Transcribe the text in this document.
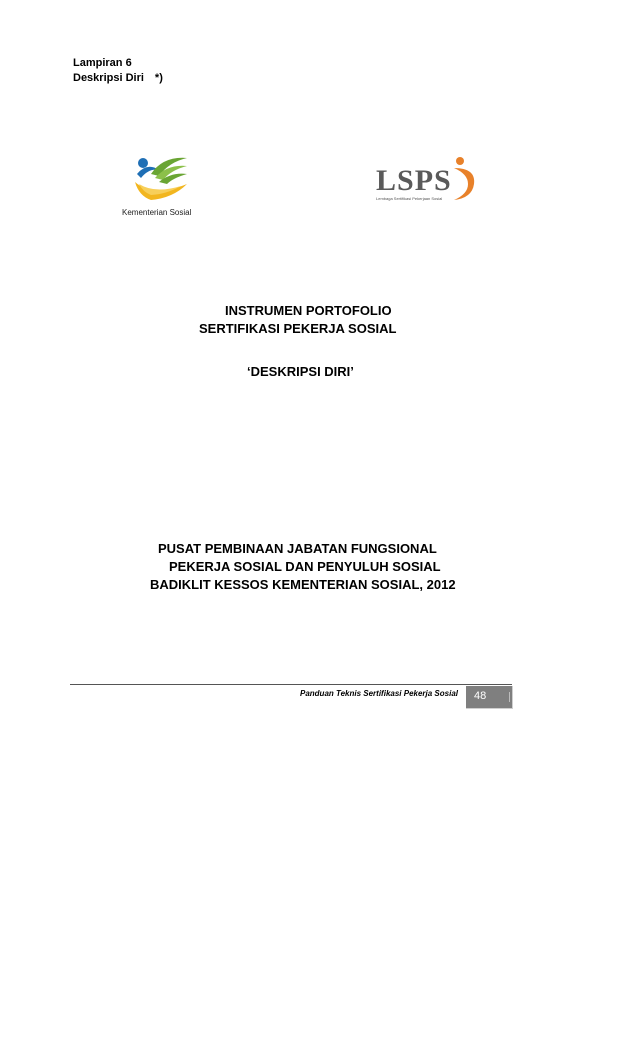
Lampiran 6
Deskripsi Diri *)
Kementerian Sosial
LSPS
Lembaga Sertifikasi Pekerjaan Sosial
INSTRUMEN PORTOFOLIO
SERTIFIKASI PEKERJA SOSIAL
‘DESKRIPSI DIRI’
PUSAT PEMBINAAN JABATAN FUNGSIONAL
PEKERJA SOSIAL DAN PENYULUH SOSIAL
BADIKLIT KESSOS KEMENTERIAN SOSIAL, 2012
Panduan Teknis Sertifikasi Pekerja Sosial 48
